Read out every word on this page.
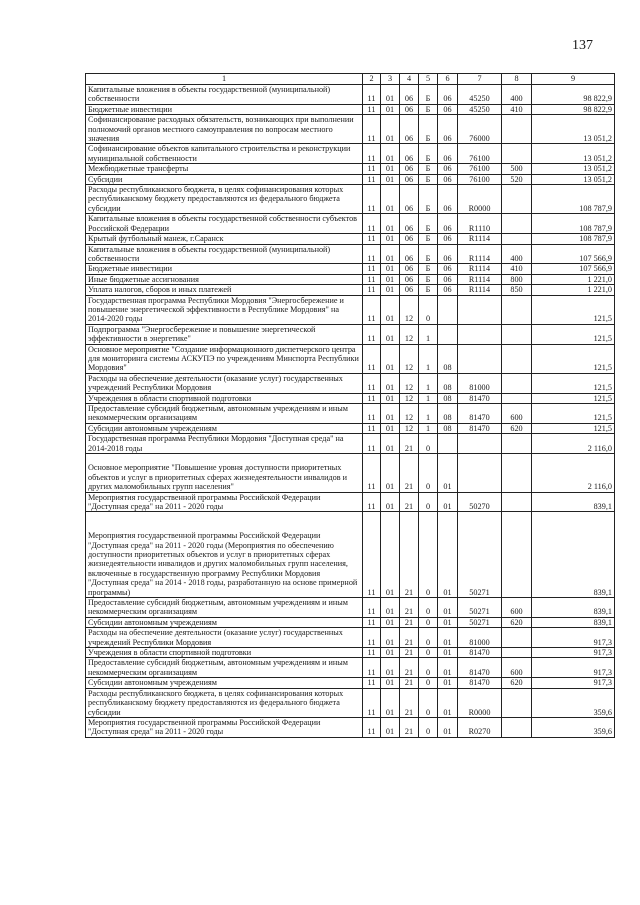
137
1	2	3	4	5	6	7	8	9
Капитальные вложения в объекты государственной (муниципальной) собственности	11	01	06	Б	06	45250	400	98 822,9
Бюджетные инвестиции	11	01	06	Б	06	45250	410	98 822,9
Софинансирование расходных обязательств, возникающих при выполнении полномочий органов местного самоуправления по вопросам местного значения	11	01	06	Б	06	76000		13 051,2
Софинансирование объектов капитального строительства и реконструкции муниципальной собственности	11	01	06	Б	06	76100		13 051,2
Межбюджетные трансферты	11	01	06	Б	06	76100	500	13 051,2
Субсидии	11	01	06	Б	06	76100	520	13 051,2
Расходы республиканского бюджета, в целях софинансирования которых республиканскому бюджету предоставляются из федерального бюджета субсидии	11	01	06	Б	06	R0000		108 787,9
Капитальные вложения в объекты государственной собственности субъектов Российской Федерации	11	01	06	Б	06	R1110		108 787,9
Крытый футбольный манеж, г.Саранск	11	01	06	Б	06	R1114		108 787,9
Капитальные вложения в объекты государственной (муниципальной) собственности	11	01	06	Б	06	R1114	400	107 566,9
Бюджетные инвестиции	11	01	06	Б	06	R1114	410	107 566,9
Иные бюджетные ассигнования	11	01	06	Б	06	R1114	800	1 221,0
Уплата налогов, сборов и иных платежей	11	01	06	Б	06	R1114	850	1 221,0
Государственная программа Республики Мордовия "Энергосбережение и повышение энергетической эффективности в Республике Мордовия" на 2014-2020 годы	11	01	12	0				121,5
Подпрограмма "Энергосбережение и повышение энергетической эффективности в энергетике"	11	01	12	1				121,5
Основное мероприятие "Создание информационного диспетчерского центра для мониторинга системы АСКУПЭ по учреждениям Минспорта Республики Мордовия"	11	01	12	1	08			121,5
Расходы на обеспечение деятельности (оказание услуг) государственных учреждений Республики Мордовия	11	01	12	1	08	81000		121,5
Учреждения в области спортивной подготовки	11	01	12	1	08	81470		121,5
Предоставление субсидий бюджетным, автономным учреждениям и иным некоммерческим организациям	11	01	12	1	08	81470	600	121,5
Субсидии автономным учреждениям	11	01	12	1	08	81470	620	121,5
Государственная программа Республики Мордовия "Доступная среда" на 2014-2018 годы	11	01	21	0				2 116,0
Основное мероприятие "Повышение уровня доступности приоритетных объектов и услуг в приоритетных сферах жизнедеятельности инвалидов и других маломобильных групп населения"	11	01	21	0	01			2 116,0
Мероприятия государственной программы Российской Федерации "Доступная среда" на 2011 - 2020 годы	11	01	21	0	01	50270		839,1
Мероприятия государственной программы Российской Федерации "Доступная среда" на 2011 - 2020 годы (Мероприятия по обеспечению доступности приоритетных объектов и услуг в приоритетных сферах жизнедеятельности инвалидов и других маломобильных групп населения, включенные в государственную программу Республики Мордовия "Доступная среда" на 2014 - 2018 годы, разработанную на основе примерной программы)	11	01	21	0	01	50271		839,1
Предоставление субсидий бюджетным, автономным учреждениям и иным некоммерческим организациям	11	01	21	0	01	50271	600	839,1
Субсидии автономным учреждениям	11	01	21	0	01	50271	620	839,1
Расходы на обеспечение деятельности (оказание услуг) государственных учреждений Республики Мордовия	11	01	21	0	01	81000		917,3
Учреждения в области спортивной подготовки	11	01	21	0	01	81470		917,3
Предоставление субсидий бюджетным, автономным учреждениям и иным некоммерческим организациям	11	01	21	0	01	81470	600	917,3
Субсидии автономным учреждениям	11	01	21	0	01	81470	620	917,3
Расходы республиканского бюджета, в целях софинансирования которых республиканскому бюджету предоставляются из федерального бюджета субсидии	11	01	21	0	01	R0000		359,6
Мероприятия государственной программы Российской Федерации "Доступная среда" на 2011 - 2020 годы	11	01	21	0	01	R0270		359,6
